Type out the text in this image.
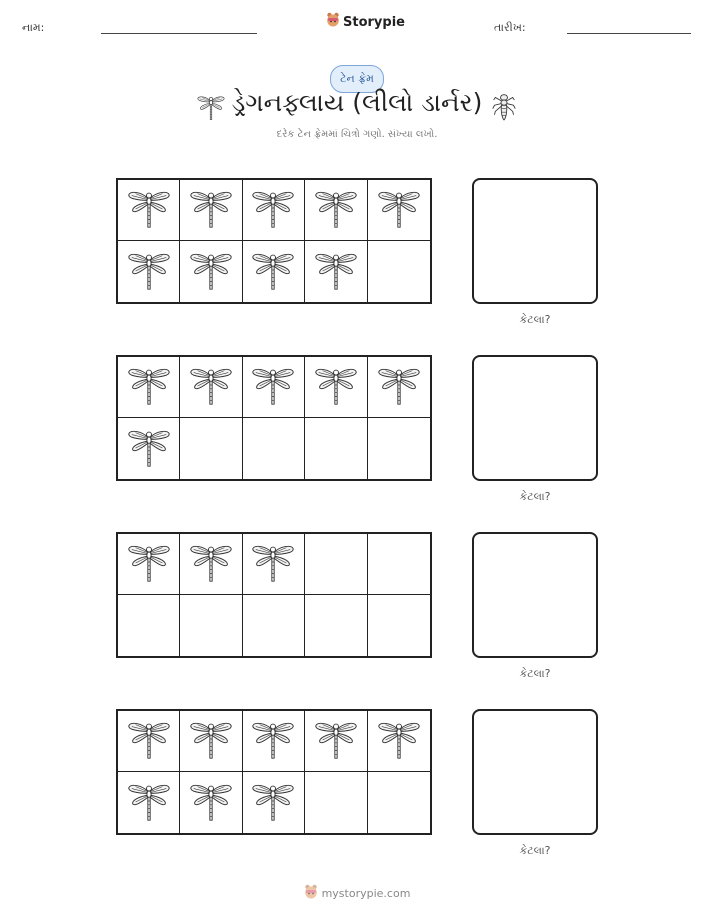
નામ:	Storypie	તારીખ:
ટેન ફ્રેમ
ડ્રેગનફ્લાય (લીલો ડાર્નર)
દરેક ટેન ફ્રેમમાં ચિત્રો ગણો. સંખ્યા લખો.
કેટલા?
કેટલા?
કેટલા?
કેટલા?
mystorypie.com
